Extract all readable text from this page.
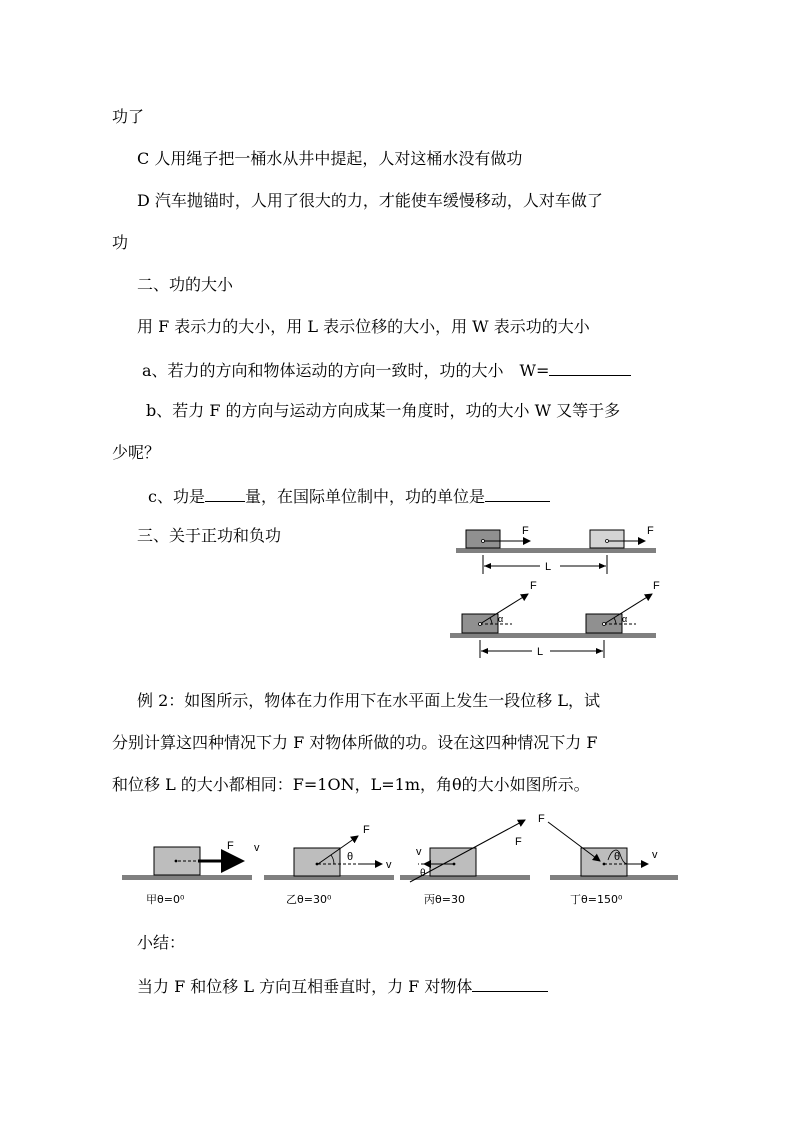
功了
C 人用绳子把一桶水从井中提起，人对这桶水没有做功
D 汽车抛锚时，人用了很大的力，才能使车缓慢移动，人对车做了
功
二、功的大小
用 F 表示力的大小，用 L 表示位移的大小，用 W 表示功的大小
a、若力的方向和物体运动的方向一致时，功的大小　W=
b、若力 F 的方向与运动方向成某一角度时，功的大小 W 又等于多
少呢？
c、功是	量，在国际单位制中，功的单位是
三、关于正功和负功
例 2：如图所示，物体在力作用下在水平面上发生一段位移 L，试
分别计算这四种情况下力 F 对物体所做的功。设在这四种情况下力 F
和位移 L 的大小都相同：F=1ON，L=1m，角θ的大小如图所示。
小结：
当力 F 和位移 L 方向互相垂直时，力 F 对物体
F	F
L
α	α
F	F
L
F v
甲θ=0⁰
θ
F
v
乙θ=30⁰
v
θ
F
丙θ=30
F
θ	v
丁θ=150⁰
